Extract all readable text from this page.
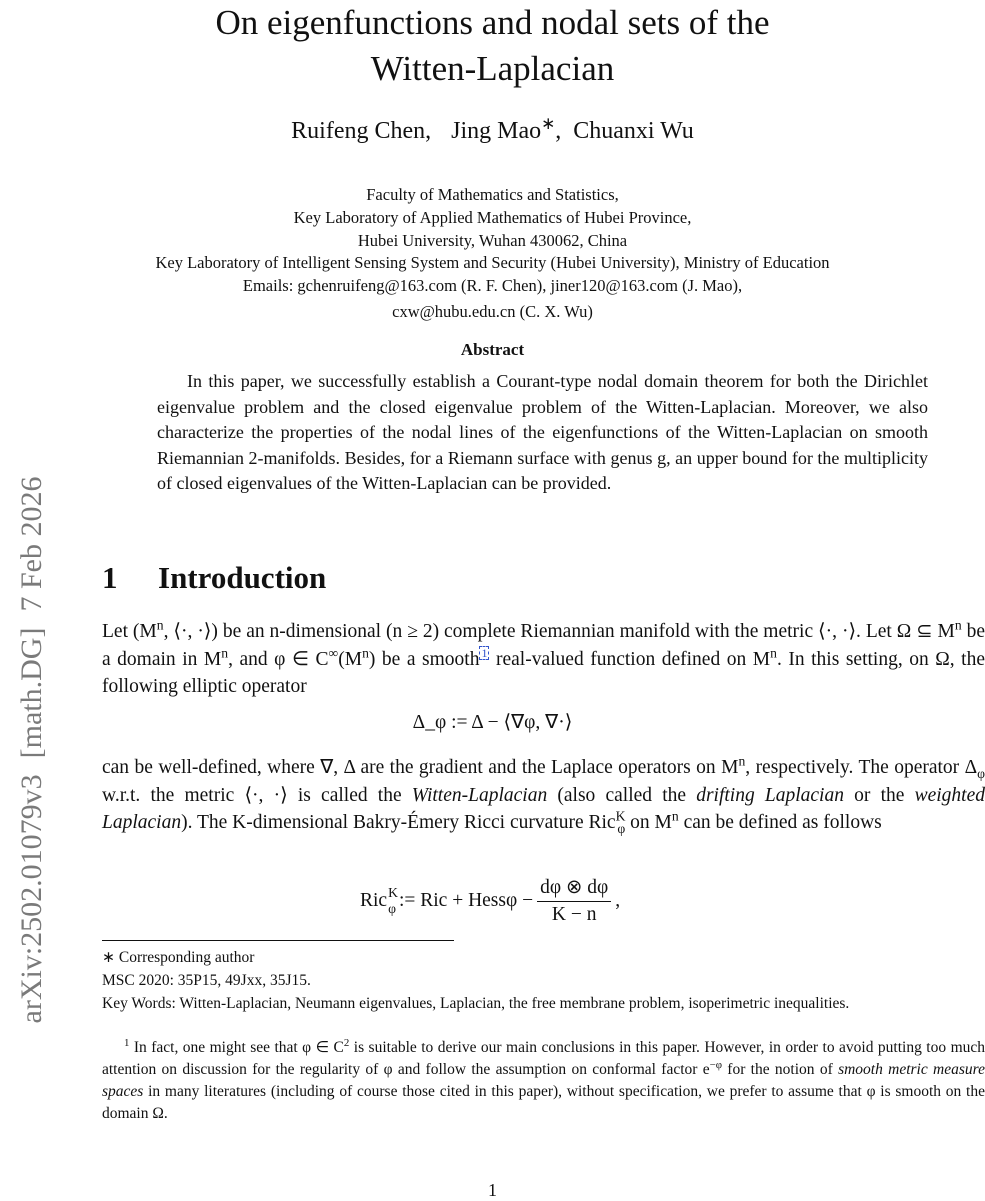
arXiv:2502.01079v3
[math.DG]
7 Feb 2026
On eigenfunctions and nodal sets of the
Witten-Laplacian
Ruifeng Chen, Jing Mao∗, Chuanxi Wu
Faculty of Mathematics and Statistics,
Key Laboratory of Applied Mathematics of Hubei Province,
Hubei University, Wuhan 430062, China
Key Laboratory of Intelligent Sensing System and Security (Hubei University), Ministry of Education
Emails: gchenruifeng@163.com (R. F. Chen), jiner120@163.com (J. Mao),
cxw@hubu.edu.cn (C. X. Wu)
Abstract
In this paper, we successfully establish a Courant-type nodal domain theorem for both the Dirichlet eigenvalue problem and the closed eigenvalue problem of the Witten-Laplacian. Moreover, we also characterize the properties of the nodal lines of the eigenfunctions of the Witten-Laplacian on smooth Riemannian 2-manifolds. Besides, for a Riemann surface with genus g, an upper bound for the multiplicity of closed eigenvalues of the Witten-Laplacian can be provided.
1 Introduction
Let ($M^n$, ⟨·, ·⟩) be an n-dimensional (n ≥ 2) complete Riemannian manifold with the metric ⟨·, ·⟩. Let Ω ⊆ $M^n$ be a domain in $M^n$, and φ ∈ $C^\infty(M^n)$ be a smooth 1 real-valued function defined on $M^n$. In this setting, on Ω, the following elliptic operator
Δ_φ := Δ − ⟨∇φ, ∇·⟩
can be well-defined, where ∇, Δ are the gradient and the Laplace operators on $M^n$, respectively. The operator $\Delta_\varphi$ w.r.t. the metric ⟨·, ·⟩ is called the Witten-Laplacian (also called the drifting Laplacian or the weighted Laplacian). The K-dimensional Bakry-Émery Ricci curvature Ric$^K_\varphi$ on $M^n$ can be defined as follows
Ric K
φ := Ric + Hessφ − $\frac{d\varphi \otimes d\varphi}{K - n}$ ,
∗ Corresponding author
MSC 2020: 35P15, 49Jxx, 35J15.
Key Words: Witten-Laplacian, Neumann eigenvalues, Laplacian, the free membrane problem, isoperimetric inequalities.
$^1$ In fact, one might see that φ ∈ $C^2$ is suitable to derive our main conclusions in this paper. However, in order to avoid putting too much attention on discussion for the regularity of φ and follow the assumption on conformal factor $e^{-\varphi}$ for the notion of smooth metric measure spaces in many literatures (including of course those cited in this paper), without specification, we prefer to assume that φ is smooth on the domain Ω.
1
